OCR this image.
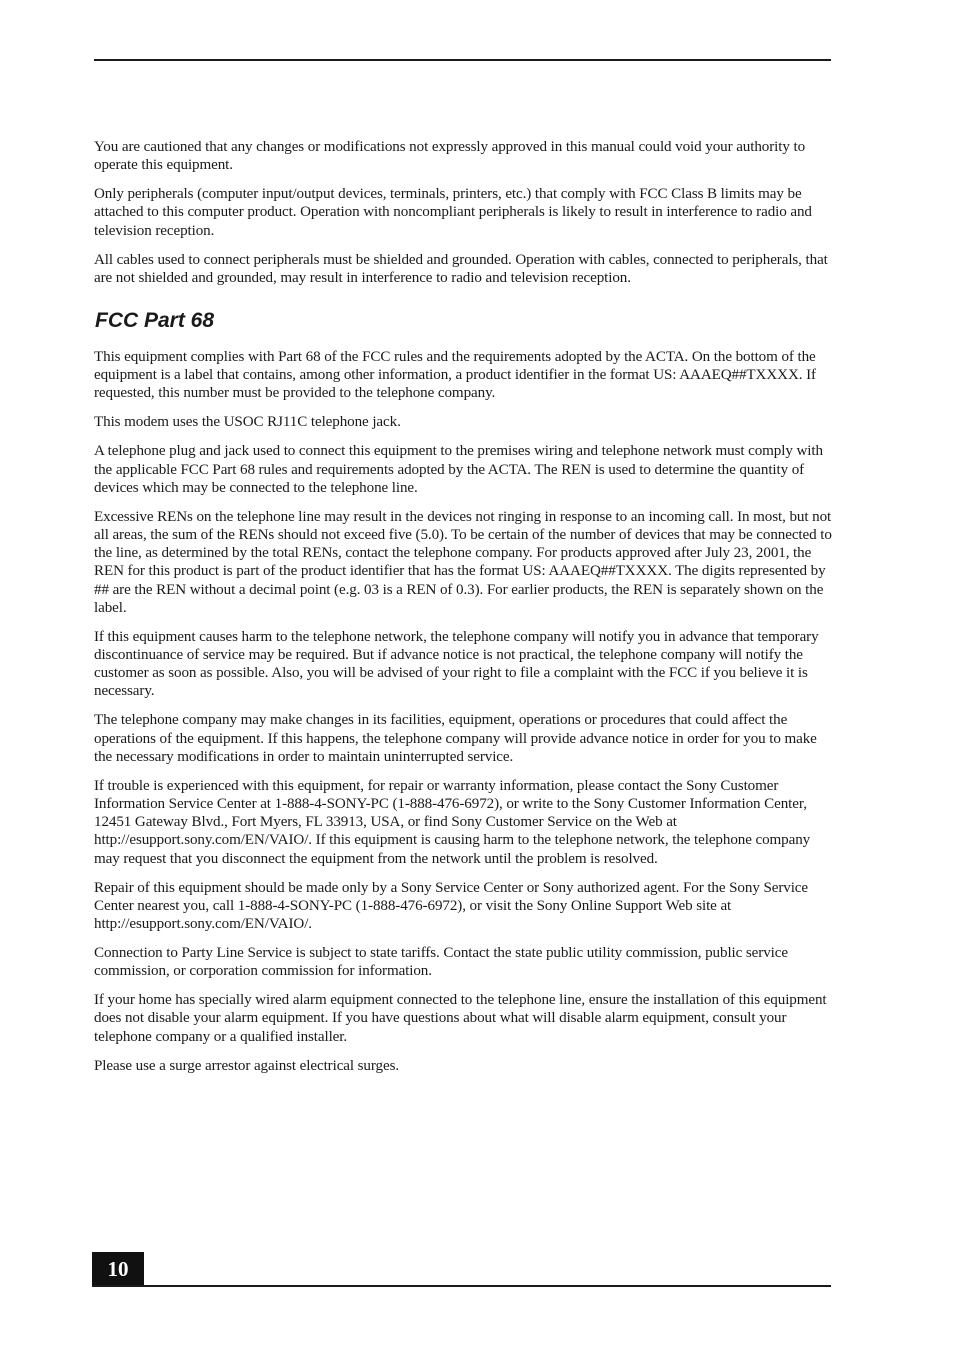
You are cautioned that any changes or modifications not expressly approved in this manual could void your authority to operate this equipment.

Only peripherals (computer input/output devices, terminals, printers, etc.) that comply with FCC Class B limits may be attached to this computer product. Operation with noncompliant peripherals is likely to result in interference to radio and television reception.

All cables used to connect peripherals must be shielded and grounded. Operation with cables, connected to peripherals, that are not shielded and grounded, may result in interference to radio and television reception.

FCC Part 68

This equipment complies with Part 68 of the FCC rules and the requirements adopted by the ACTA. On the bottom of the equipment is a label that contains, among other information, a product identifier in the format US: AAAEQ##TXXXX. If requested, this number must be provided to the telephone company.

This modem uses the USOC RJ11C telephone jack.

A telephone plug and jack used to connect this equipment to the premises wiring and telephone network must comply with the applicable FCC Part 68 rules and requirements adopted by the ACTA. The REN is used to determine the quantity of devices which may be connected to the telephone line.

Excessive RENs on the telephone line may result in the devices not ringing in response to an incoming call. In most, but not all areas, the sum of the RENs should not exceed five (5.0). To be certain of the number of devices that may be connected to the line, as determined by the total RENs, contact the telephone company. For products approved after July 23, 2001, the REN for this product is part of the product identifier that has the format US: AAAEQ##TXXXX. The digits represented by ## are the REN without a decimal point (e.g. 03 is a REN of 0.3). For earlier products, the REN is separately shown on the label.

If this equipment causes harm to the telephone network, the telephone company will notify you in advance that temporary discontinuance of service may be required. But if advance notice is not practical, the telephone company will notify the customer as soon as possible. Also, you will be advised of your right to file a complaint with the FCC if you believe it is necessary.

The telephone company may make changes in its facilities, equipment, operations or procedures that could affect the operations of the equipment. If this happens, the telephone company will provide advance notice in order for you to make the necessary modifications in order to maintain uninterrupted service.

If trouble is experienced with this equipment, for repair or warranty information, please contact the Sony Customer Information Service Center at 1-888-4-SONY-PC (1-888-476-6972), or write to the Sony Customer Information Center, 12451 Gateway Blvd., Fort Myers, FL 33913, USA, or find Sony Customer Service on the Web at http://esupport.sony.com/EN/VAIO/. If this equipment is causing harm to the telephone network, the telephone company may request that you disconnect the equipment from the network until the problem is resolved.

Repair of this equipment should be made only by a Sony Service Center or Sony authorized agent. For the Sony Service Center nearest you, call 1-888-4-SONY-PC (1-888-476-6972), or visit the Sony Online Support Web site at http://esupport.sony.com/EN/VAIO/.

Connection to Party Line Service is subject to state tariffs. Contact the state public utility commission, public service commission, or corporation commission for information.

If your home has specially wired alarm equipment connected to the telephone line, ensure the installation of this equipment does not disable your alarm equipment. If you have questions about what will disable alarm equipment, consult your telephone company or a qualified installer.

Please use a surge arrestor against electrical surges.

10
